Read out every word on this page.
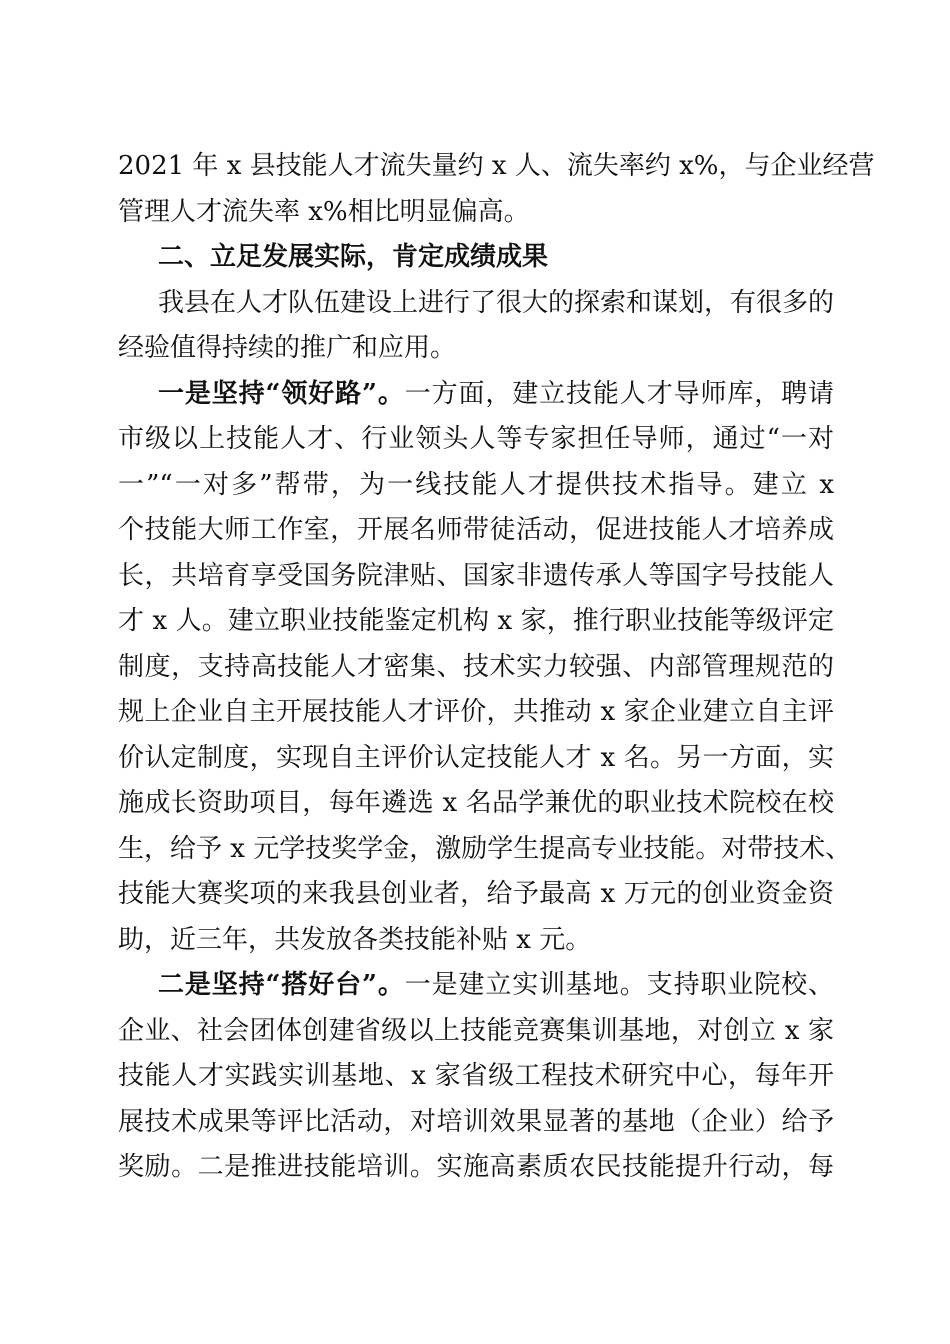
2021 年 x 县技能人才流失量约 x 人、流失率约 x%，与企业经营
管理人才流失率 x%相比明显偏高。
二、立足发展实际，肯定成绩成果
我县在人才队伍建设上进行了很大的探索和谋划，有很多的
经验值得持续的推广和应用。
一是坚持“领好路”。一方面，建立技能人才导师库，聘请
市级以上技能人才、行业领头人等专家担任导师，通过“一对
一”“一对多”帮带，为一线技能人才提供技术指导。建立 x
个技能大师工作室，开展名师带徒活动，促进技能人才培养成
长，共培育享受国务院津贴、国家非遗传承人等国字号技能人
才 x 人。建立职业技能鉴定机构 x 家，推行职业技能等级评定
制度，支持高技能人才密集、技术实力较强、内部管理规范的
规上企业自主开展技能人才评价，共推动 x 家企业建立自主评
价认定制度，实现自主评价认定技能人才 x 名。另一方面，实
施成长资助项目，每年遴选 x 名品学兼优的职业技术院校在校
生，给予 x 元学技奖学金，激励学生提高专业技能。对带技术、
技能大赛奖项的来我县创业者，给予最高 x 万元的创业资金资
助，近三年，共发放各类技能补贴 x 元。
二是坚持“搭好台”。一是建立实训基地。支持职业院校、
企业、社会团体创建省级以上技能竞赛集训基地，对创立 x 家
技能人才实践实训基地、x 家省级工程技术研究中心，每年开
展技术成果等评比活动，对培训效果显著的基地（企业）给予
奖励。二是推进技能培训。实施高素质农民技能提升行动，每
